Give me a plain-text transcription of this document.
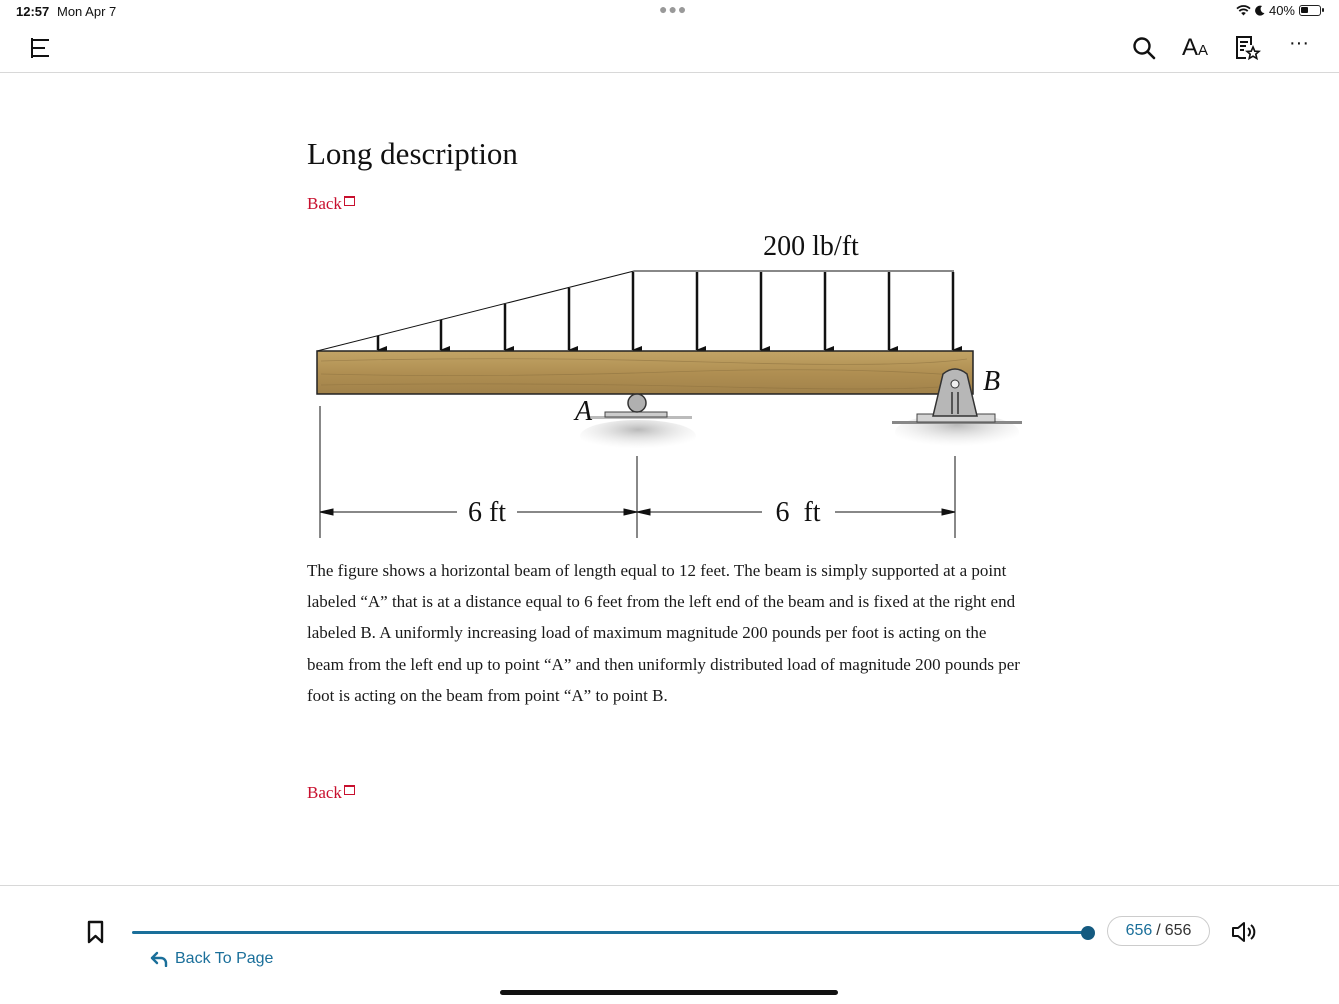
12:57 Mon Apr 7	●●●	40%
AA	···
Long description
Back
200 lb/ft
A
B
6 ft	6  ft

The figure shows a horizontal beam of length equal to 12 feet. The beam is simply supported at a point labeled “A” that is at a distance equal to 6 feet from the left end of the beam and is fixed at the right end labeled B. A uniformly increasing load of maximum magnitude 200 pounds per foot is acting on the beam from the left end up to point “A” and then uniformly distributed load of magnitude 200 pounds per foot is acting on the beam from point “A” to point B.

Back
656 / 656
Back To Page
